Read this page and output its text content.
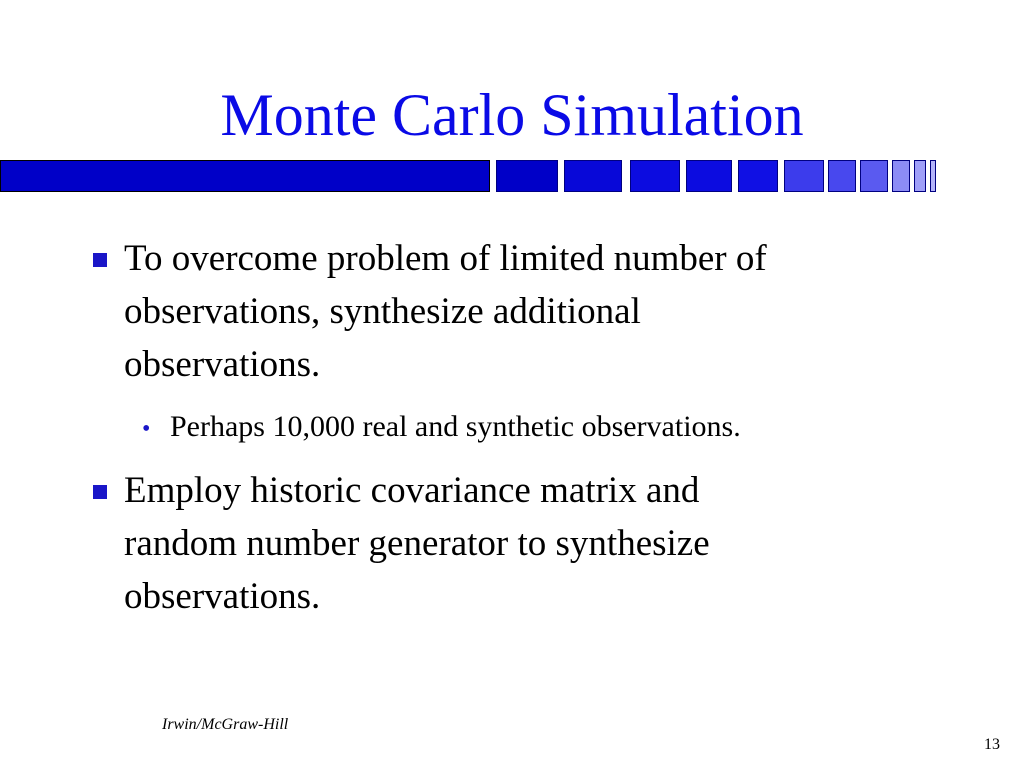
Monte Carlo Simulation
To overcome problem of limited number of
observations, synthesize additional
observations.
• Perhaps 10,000 real and synthetic observations.
Employ historic covariance matrix and
random number generator to synthesize
observations.
Irwin/McGraw-Hill
13
